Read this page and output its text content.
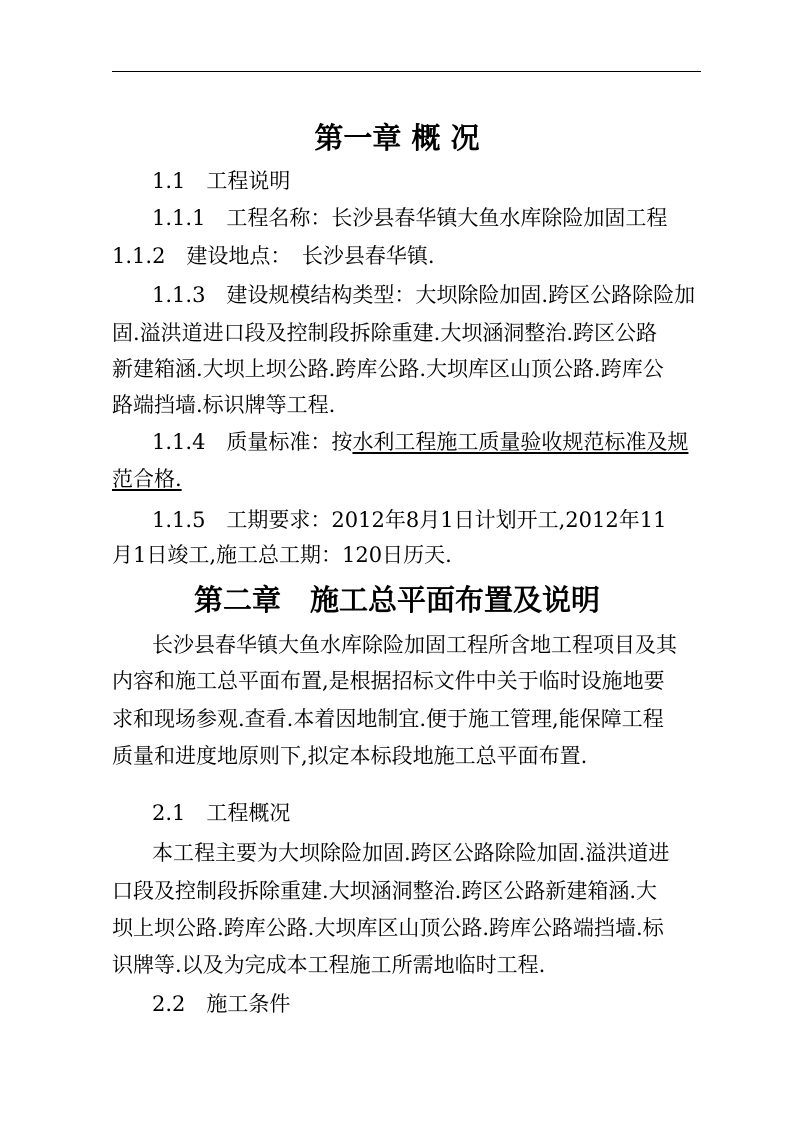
第一章 概 况
1.1　工程说明
1.1.1　工程名称：长沙县春华镇大鱼水库除险加固工程
1.1.2　建设地点：　长沙县春华镇.
1.1.3　建设规模结构类型：大坝除险加固.跨区公路除险加
固.溢洪道进口段及控制段拆除重建.大坝涵洞整治.跨区公路
新建箱涵.大坝上坝公路.跨库公路.大坝库区山顶公路.跨库公
路端挡墙.标识牌等工程.
1.1.4　质量标准：按水利工程施工质量验收规范标准及规
范合格.
1.1.5　工期要求：2012年8月1日计划开工,2012年11
月1日竣工,施工总工期：120日历天.
第二章　施工总平面布置及说明
长沙县春华镇大鱼水库除险加固工程所含地工程项目及其
内容和施工总平面布置,是根据招标文件中关于临时设施地要
求和现场参观.查看.本着因地制宜.便于施工管理,能保障工程
质量和进度地原则下,拟定本标段地施工总平面布置.
2.1　工程概况
本工程主要为大坝除险加固.跨区公路除险加固.溢洪道进
口段及控制段拆除重建.大坝涵洞整治.跨区公路新建箱涵.大
坝上坝公路.跨库公路.大坝库区山顶公路.跨库公路端挡墙.标
识牌等.以及为完成本工程施工所需地临时工程.
2.2　施工条件
